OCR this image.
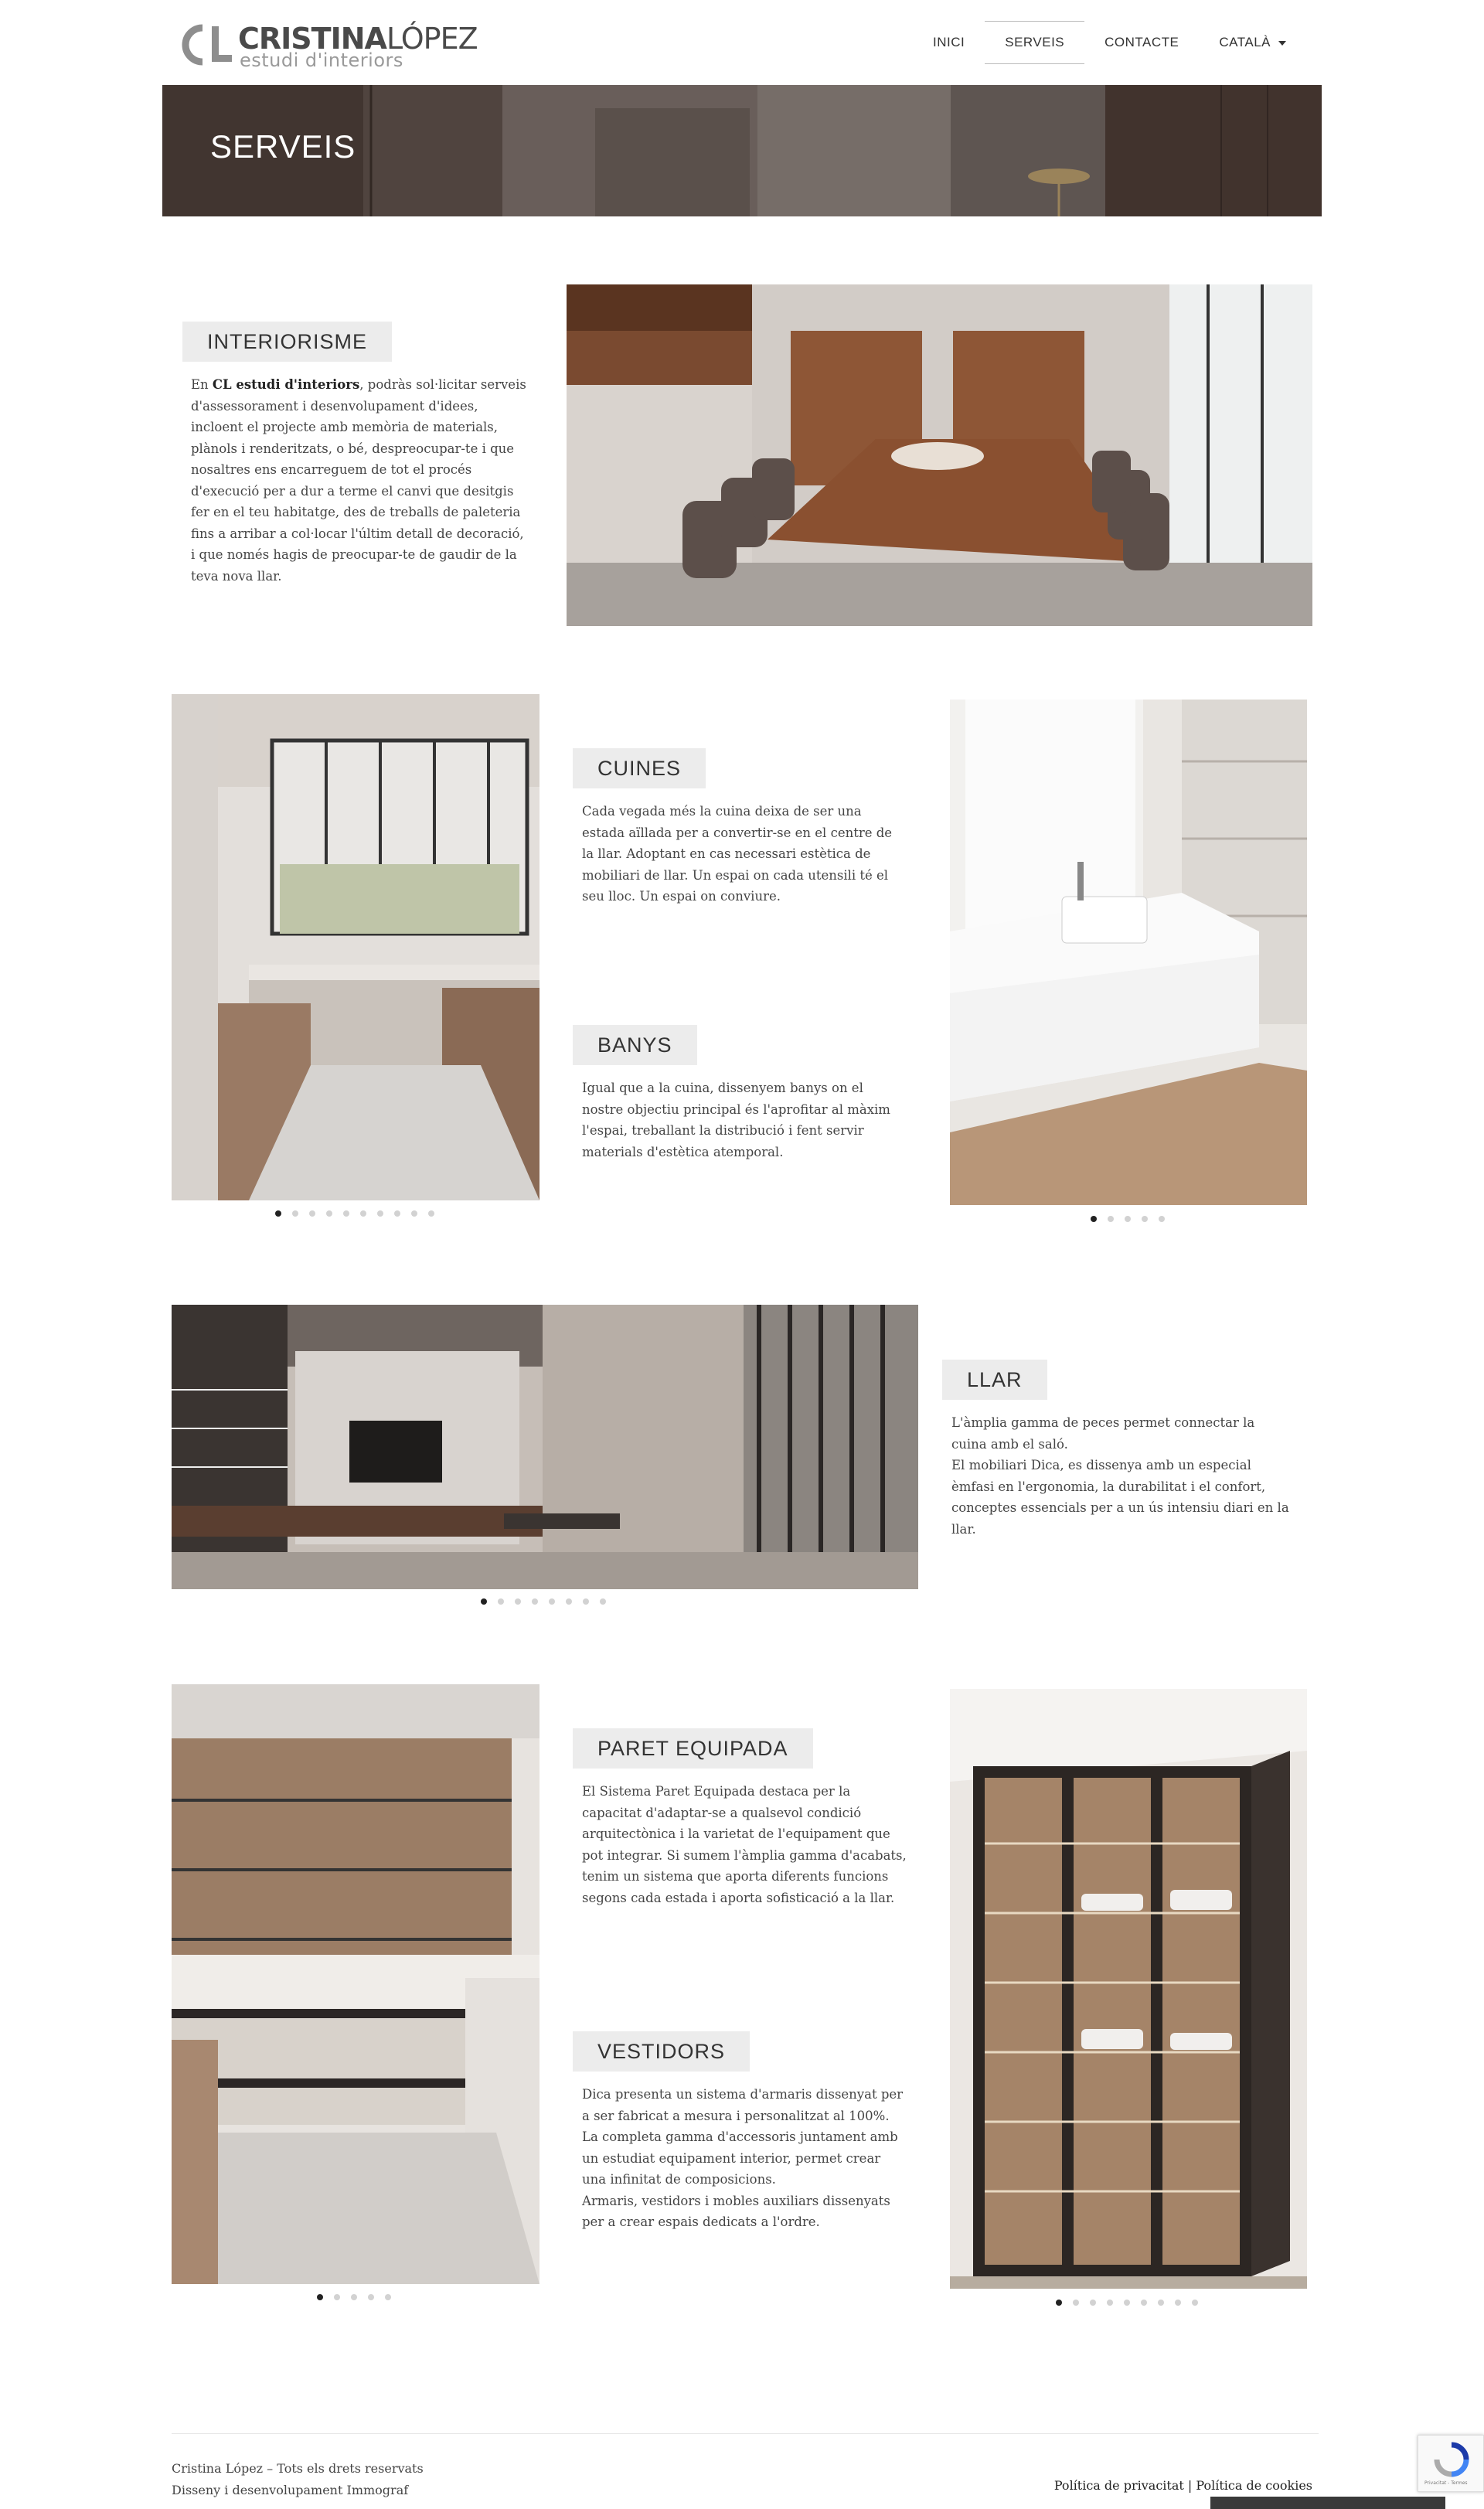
CRISTINALÓPEZ
estudi d'interiors
INICI	SERVEIS	CONTACTE	CATALÀ
SERVEIS
INTERIORISME

En CL estudi d'interiors, podràs sol·licitar serveis d'assessorament i desenvolupament d'idees, incloent el projecte amb memòria de materials, plànols i renderitzats, o bé, despreocupar-te i que nosaltres ens encarreguem de tot el procés d'execució per a dur a terme el canvi que desitgis fer en el teu habitatge, des de treballs de paleteria fins a arribar a col·locar l'últim detall de decoració, i que només hagis de preocupar-te de gaudir de la teva nova llar.

CUINES
Cada vegada més la cuina deixa de ser una estada aïllada per a convertir-se en el centre de la llar. Adoptant en cas necessari estètica de mobiliari de llar. Un espai on cada utensili té el seu lloc. Un espai on conviure.
BANYS
Igual que a la cuina, dissenyem banys on el nostre objectiu principal és l'aprofitar al màxim l'espai, treballant la distribució i fent servir materials d'estètica atemporal.
LLAR

L'àmplia gamma de peces permet connectar la cuina amb el saló.

El mobiliari Dica, es dissenya amb un especial èmfasi en l'ergonomia, la durabilitat i el confort, conceptes essencials per a un ús intensiu diari en la llar.

PARET EQUIPADA
El Sistema Paret Equipada destaca per la capacitat d'adaptar-se a qualsevol condició arquitectònica i la varietat de l'equipament que pot integrar. Si sumem l'àmplia gamma d'acabats, tenim un sistema que aporta diferents funcions segons cada estada i aporta sofisticació a la llar.
VESTIDORS

Dica presenta un sistema d'armaris dissenyat per a ser fabricat a mesura i personalitzat al 100%. La completa gamma d'accessoris juntament amb un estudiat equipament interior, permet crear una infinitat de composicions.

Armaris, vestidors i mobles auxiliars dissenyats per a crear espais dedicats a l'ordre.

Cristina López – Tots els drets reservats
Disseny i desenvolupament Immograf	Política de privacitat | Política de cookies	Privacitat - Termes
